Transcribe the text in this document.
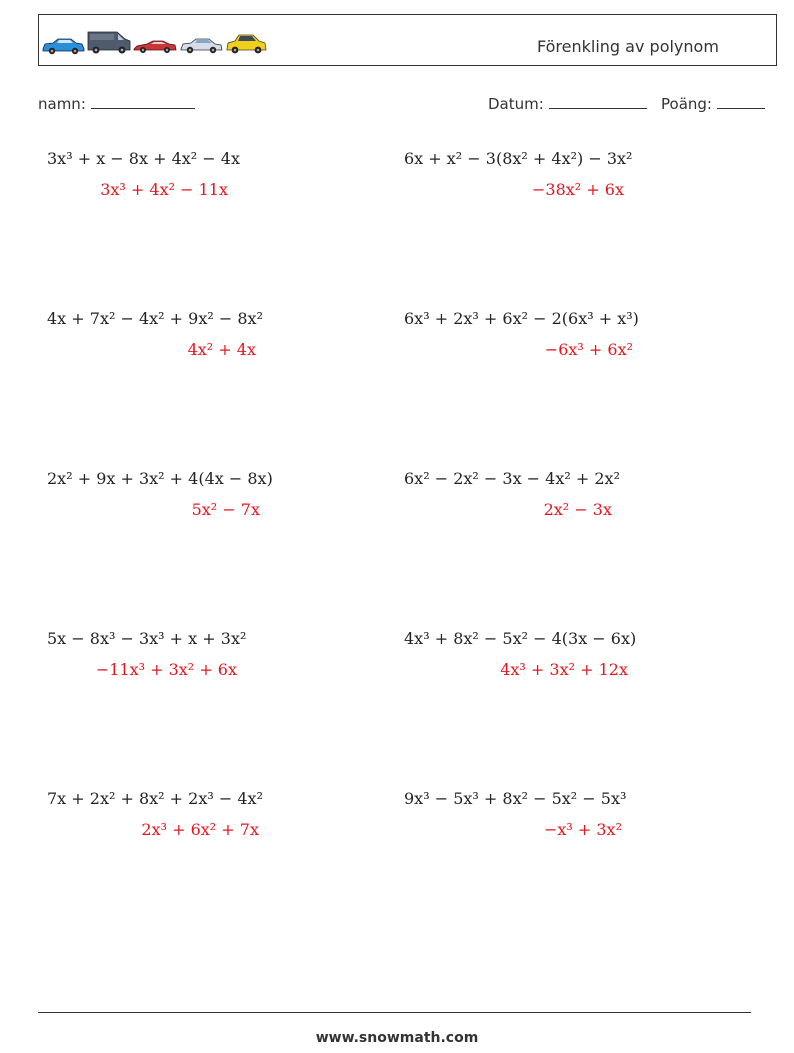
Förenkling av polynom
namn:	Datum:	Poäng:
3x³ + x − 8x + 4x² − 4x
3x³ + 4x² − 11x
6x + x² − 3(8x² + 4x²) − 3x²
−38x² + 6x
4x + 7x² − 4x² + 9x² − 8x²
4x² + 4x
6x³ + 2x³ + 6x² − 2(6x³ + x³)
−6x³ + 6x²
2x² + 9x + 3x² + 4(4x − 8x)
5x² − 7x
6x² − 2x² − 3x − 4x² + 2x²
2x² − 3x
5x − 8x³ − 3x³ + x + 3x²
−11x³ + 3x² + 6x
4x³ + 8x² − 5x² − 4(3x − 6x)
4x³ + 3x² + 12x
7x + 2x² + 8x² + 2x³ − 4x²
2x³ + 6x² + 7x
9x³ − 5x³ + 8x² − 5x² − 5x³
−x³ + 3x²
www.snowmath.com
